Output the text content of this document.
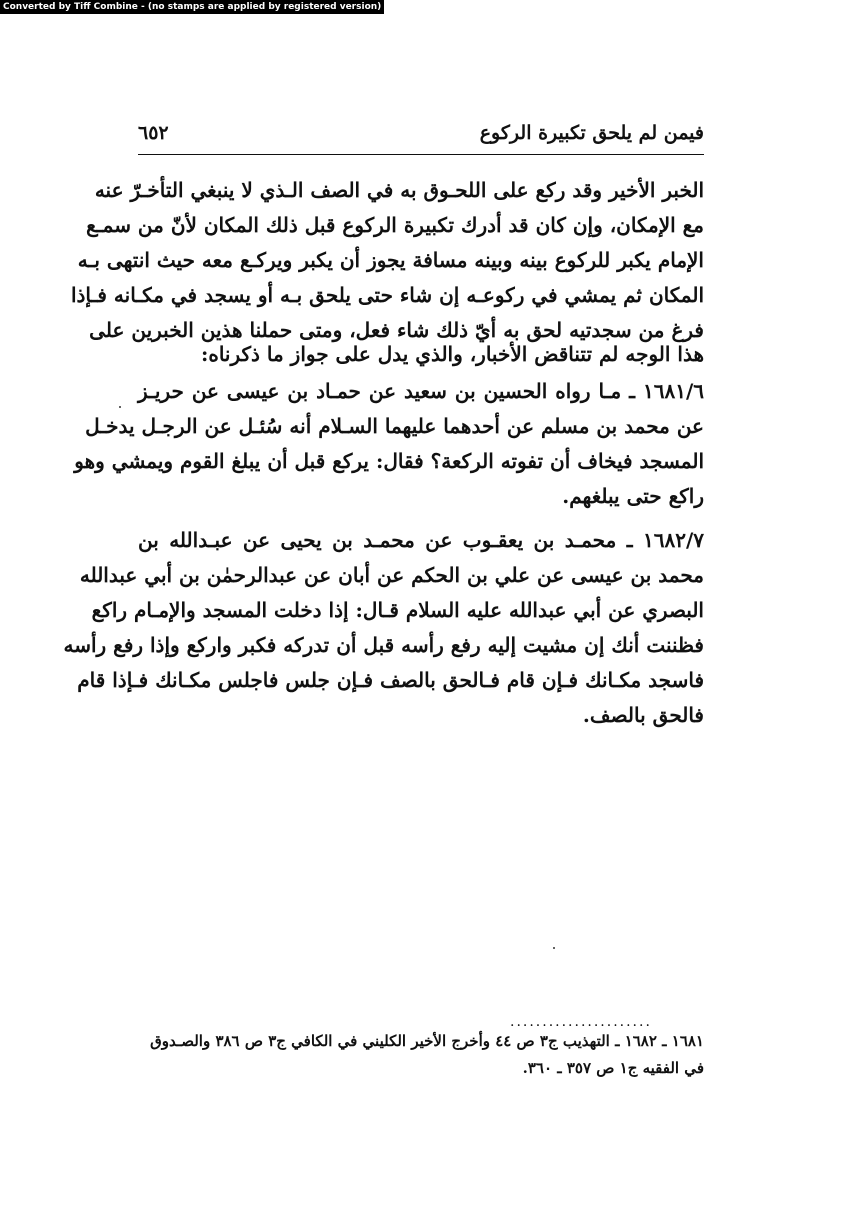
Converted by Tiff Combine - (no stamps are applied by registered version)
فيمن لم يلحق تكبيرة الركوع
٦٥٢
الخبر الأخير وقد ركع على اللحـوق به في الصف الـذي لا ينبغي التأخـرّ عنه
مع الإمكان، وإن كان قد أدرك تكبيرة الركوع قبل ذلك المكان لأنّ من سمـع
الإمام يكبر للركوع بينه وبينه مسافة يجوز أن يكبر ويركـع معه حيث انتهى بـه
المكان ثم يمشي في ركوعـه إن شاء حتى يلحق بـه أو يسجد في مكـانه فـإذا
فرغ من سجدتيه لحق به أيّ ذلك شاء فعل، ومتى حملنا هذين الخبرين على
هذا الوجه لم تتناقض الأخبار، والذي يدل على جواز ما ذكرناه:
١٦٨١/٦ ـ مـا رواه الحسين بن سعيد عن حمـاد بن عيسى عن حريـز
عن محمد بن مسلم عن أحدهما عليهما السـلام أنه سُئـل عن الرجـل يدخـل
المسجد فيخاف أن تفوته الركعة؟ فقال: يركع قبل أن يبلغ القوم ويمشي وهو
راكع حتى يبلغهم.
١٦٨٢/٧ ـ محمـد بن يعقـوب عن محمـد بن يحيى عن عبـدالله بن
محمد بن عيسى عن علي بن الحكم عن أبان عن عبدالرحمٰن بن أبي عبدالله
البصري عن أبي عبدالله عليه السلام قـال: إذا دخلت المسجد والإمـام راكع
فظننت أنك إن مشيت إليه رفع رأسه قبل أن تدركه فكبر واركع وإذا رفع رأسه
فاسجد مكـانك فـإن قام فـالحق بالصف فـإن جلس فاجلس مكـانك فـإذا قام
فالحق بالصف.
......................
١٦٨١ ـ ١٦٨٢ ـ التهذيب ج٣ ص ٤٤ وأخرج الأخير الكليني في الكافي ج٣ ص ٣٨٦ والصـدوق
في الفقيه ج١ ص ٣٥٧ ـ ٣٦٠.
